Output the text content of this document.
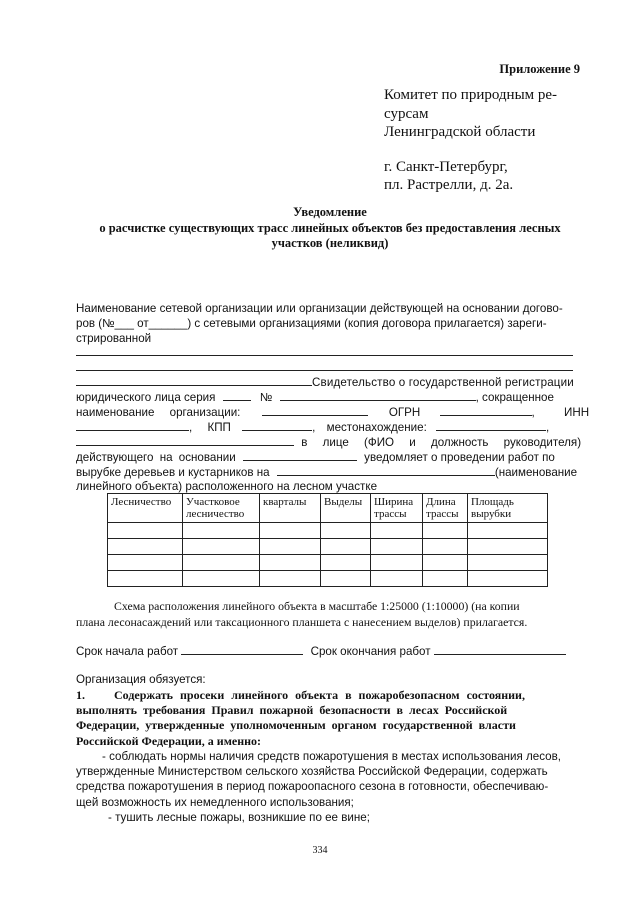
Приложение 9
Комитет по природным ре-
сурсам
Ленинградской области
г. Санкт-Петербург,
пл. Растрелли, д. 2а.
Уведомление
о расчистке существующих трасс линейных объектов без предоставления лесных
участков (неликвид)
Наименование сетевой организации или организации действующей на основании догово-
ров (№___ от______) с сетевыми организациями (копия договора прилагается) зареги-
стрированной
Свидетельство о государственной регистрации
юридического лица серия	№	, сокращенное
наименование организации:	ОГРН	,	ИНН
, КПП	, местонахождение:	,
в лице (ФИО и должность руководителя)
действующего на основании	уведомляет о проведении работ по
вырубке деревьев и кустарников на	(наименование
линейного объекта) расположенного на лесном участке
Лесничество	Участковое лесничество	кварталы	Выделы	Ширина трассы	Длина трассы	Площадь вырубки

Схема расположения линейного объекта в масштабе 1:25000 (1:10000) (на копии
плана лесонасаждений или таксационного планшета с нанесением выделов) прилагается.
Срок начала работ	Срок окончания работ
Организация обязуется:
1. Содержать просеки линейного объекта в пожаробезопасном состоянии,
выполнять требования Правил пожарной безопасности в лесах Российской
Федерации, утвержденные уполномоченным органом государственной власти
Российской Федерации, а именно:
- соблюдать нормы наличия средств пожаротушения в местах использования лесов,
утвержденные Министерством сельского хозяйства Российской Федерации, содержать
средства пожаротушения в период пожароопасного сезона в готовности, обеспечиваю-
щей возможность их немедленного использования;
- тушить лесные пожары, возникшие по ее вине;
334
